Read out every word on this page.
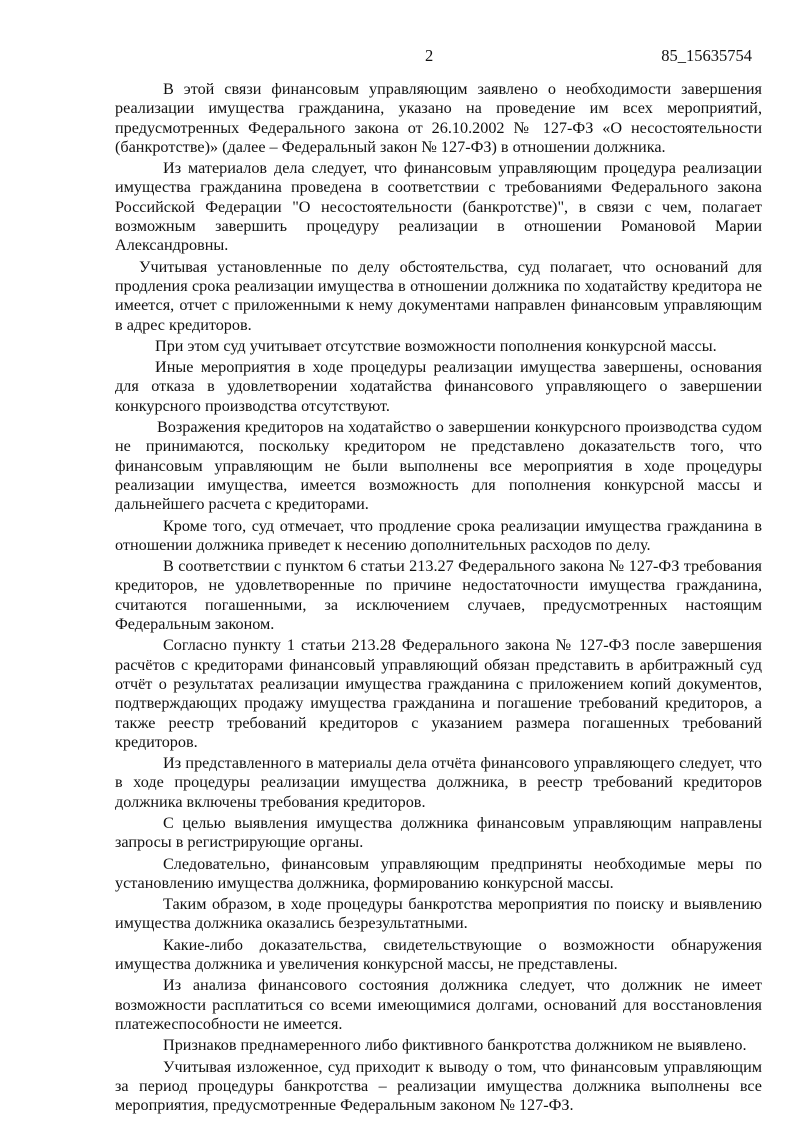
2	85_15635754

В этой связи финансовым управляющим заявлено о необходимости завершения реализации имущества гражданина, указано на проведение им всех мероприятий, предусмотренных Федерального закона от 26.10.2002 № 127-ФЗ «О несостоятельности (банкротстве)» (далее – Федеральный закон № 127-ФЗ) в отношении должника.

Из материалов дела следует, что финансовым управляющим процедура реализации имущества гражданина проведена в соответствии с требованиями Федерального закона Российской Федерации "О несостоятельности (банкротстве)", в связи с чем, полагает возможным завершить процедуру реализации в отношении Романовой Марии Александровны.

Учитывая установленные по делу обстоятельства, суд полагает, что оснований для продления срока реализации имущества в отношении должника по ходатайству кредитора не имеется, отчет с приложенными к нему документами направлен финансовым управляющим в адрес кредиторов.

При этом суд учитывает отсутствие возможности пополнения конкурсной массы.

Иные мероприятия в ходе процедуры реализации имущества завершены, основания для отказа в удовлетворении ходатайства финансового управляющего о завершении конкурсного производства отсутствуют.

Возражения кредиторов на ходатайство о завершении конкурсного производства судом не принимаются, поскольку кредитором не представлено доказательств того, что финансовым управляющим не были выполнены все мероприятия в ходе процедуры реализации имущества, имеется возможность для пополнения конкурсной массы и дальнейшего расчета с кредиторами.

Кроме того, суд отмечает, что продление срока реализации имущества гражданина в отношении должника приведет к несению дополнительных расходов по делу.

В соответствии с пунктом 6 статьи 213.27 Федерального закона № 127-ФЗ требования кредиторов, не удовлетворенные по причине недостаточности имущества гражданина, считаются погашенными, за исключением случаев, предусмотренных настоящим Федеральным законом.

Согласно пункту 1 статьи 213.28 Федерального закона № 127-ФЗ после завершения расчётов с кредиторами финансовый управляющий обязан представить в арбитражный суд отчёт о результатах реализации имущества гражданина с приложением копий документов, подтверждающих продажу имущества гражданина и погашение требований кредиторов, а также реестр требований кредиторов с указанием размера погашенных требований кредиторов.

Из представленного в материалы дела отчёта финансового управляющего следует, что в ходе процедуры реализации имущества должника, в реестр требований кредиторов должника включены требования кредиторов.

С целью выявления имущества должника финансовым управляющим направлены запросы в регистрирующие органы.

Следовательно, финансовым управляющим предприняты необходимые меры по установлению имущества должника, формированию конкурсной массы.

Таким образом, в ходе процедуры банкротства мероприятия по поиску и выявлению имущества должника оказались безрезультатными.

Какие-либо доказательства, свидетельствующие о возможности обнаружения имущества должника и увеличения конкурсной массы, не представлены.

Из анализа финансового состояния должника следует, что должник не имеет возможности расплатиться со всеми имеющимися долгами, оснований для восстановления платежеспособности не имеется.

Признаков преднамеренного либо фиктивного банкротства должником не выявлено.

Учитывая изложенное, суд приходит к выводу о том, что финансовым управляющим за период процедуры банкротства – реализации имущества должника выполнены все мероприятия, предусмотренные Федеральным законом № 127-ФЗ.
